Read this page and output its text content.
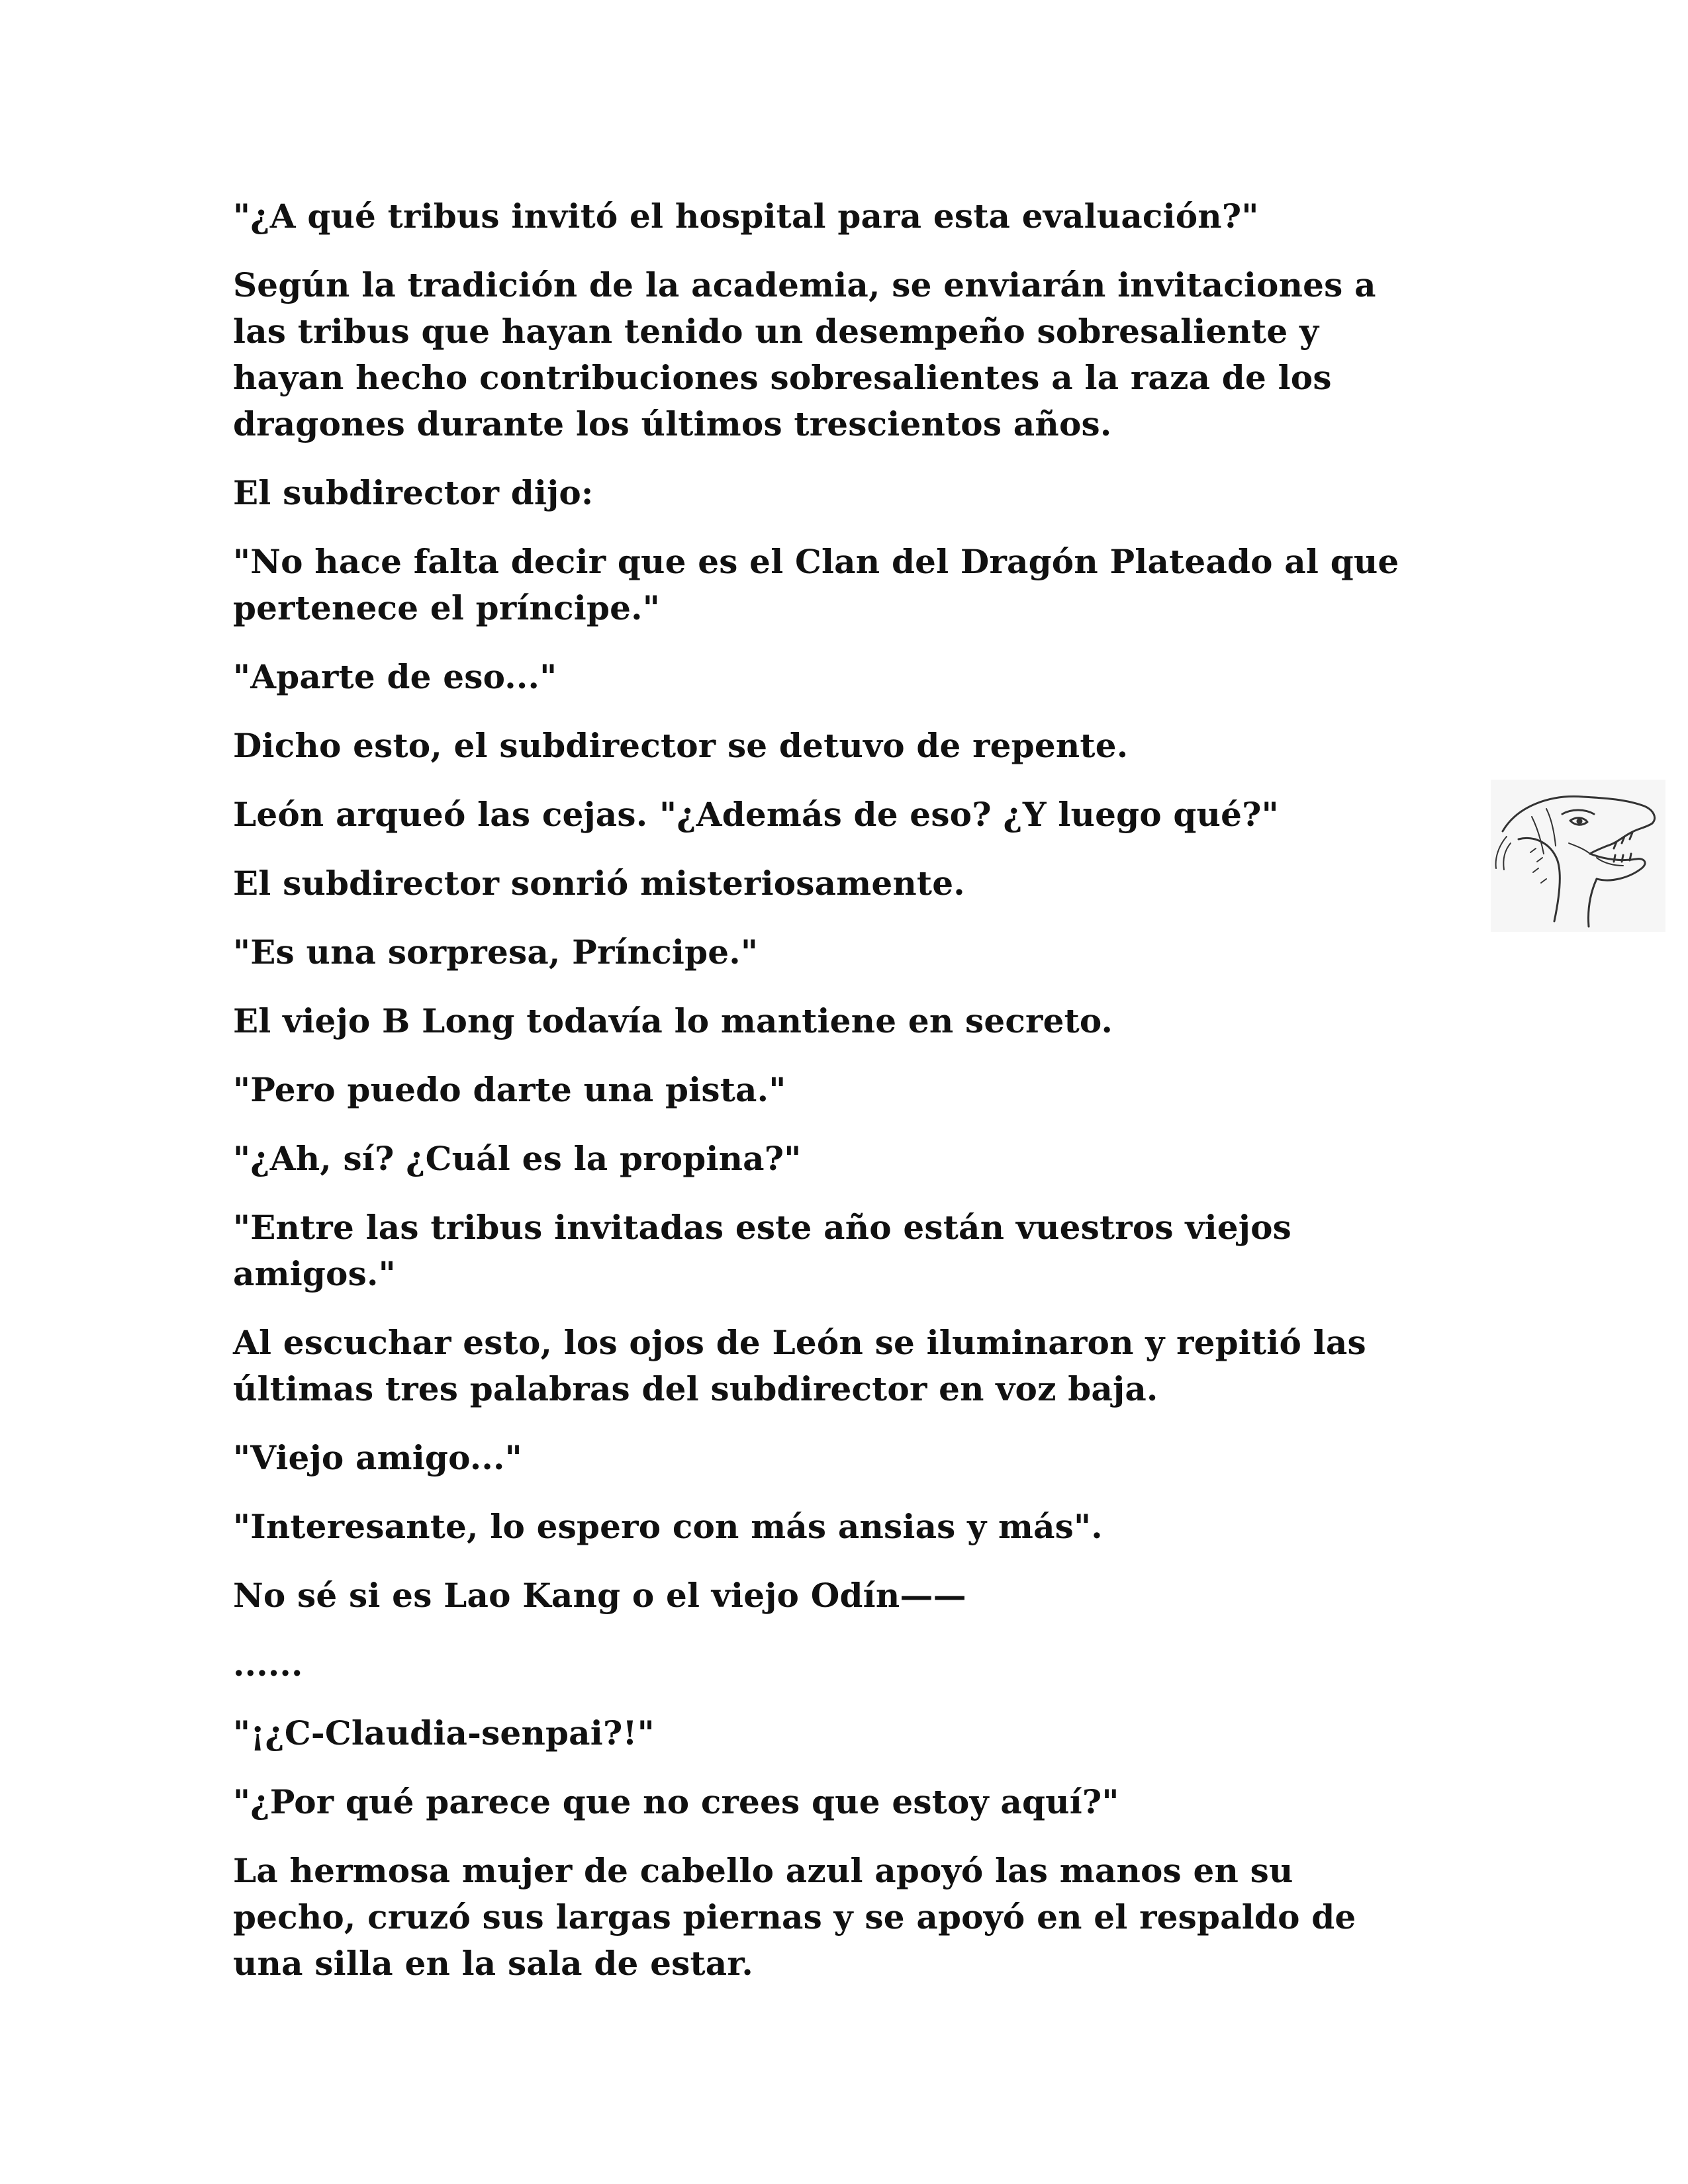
"¿A qué tribus invitó el hospital para esta evaluación?"

Según la tradición de la academia, se enviarán invitaciones a
las tribus que hayan tenido un desempeño sobresaliente y
hayan hecho contribuciones sobresalientes a la raza de los
dragones durante los últimos trescientos años.

El subdirector dijo:

"No hace falta decir que es el Clan del Dragón Plateado al que
pertenece el príncipe."

"Aparte de eso..."

Dicho esto, el subdirector se detuvo de repente.

León arqueó las cejas. "¿Además de eso? ¿Y luego qué?"

El subdirector sonrió misteriosamente.

"Es una sorpresa, Príncipe."

El viejo B Long todavía lo mantiene en secreto.

"Pero puedo darte una pista."

"¿Ah, sí? ¿Cuál es la propina?"

"Entre las tribus invitadas este año están vuestros viejos
amigos."

Al escuchar esto, los ojos de León se iluminaron y repitió las
últimas tres palabras del subdirector en voz baja.

"Viejo amigo..."

"Interesante, lo espero con más ansias y más".

No sé si es Lao Kang o el viejo Odín——

......

"¡¿C-Claudia-senpai?!"

"¿Por qué parece que no crees que estoy aquí?"

La hermosa mujer de cabello azul apoyó las manos en su
pecho, cruzó sus largas piernas y se apoyó en el respaldo de
una silla en la sala de estar.
